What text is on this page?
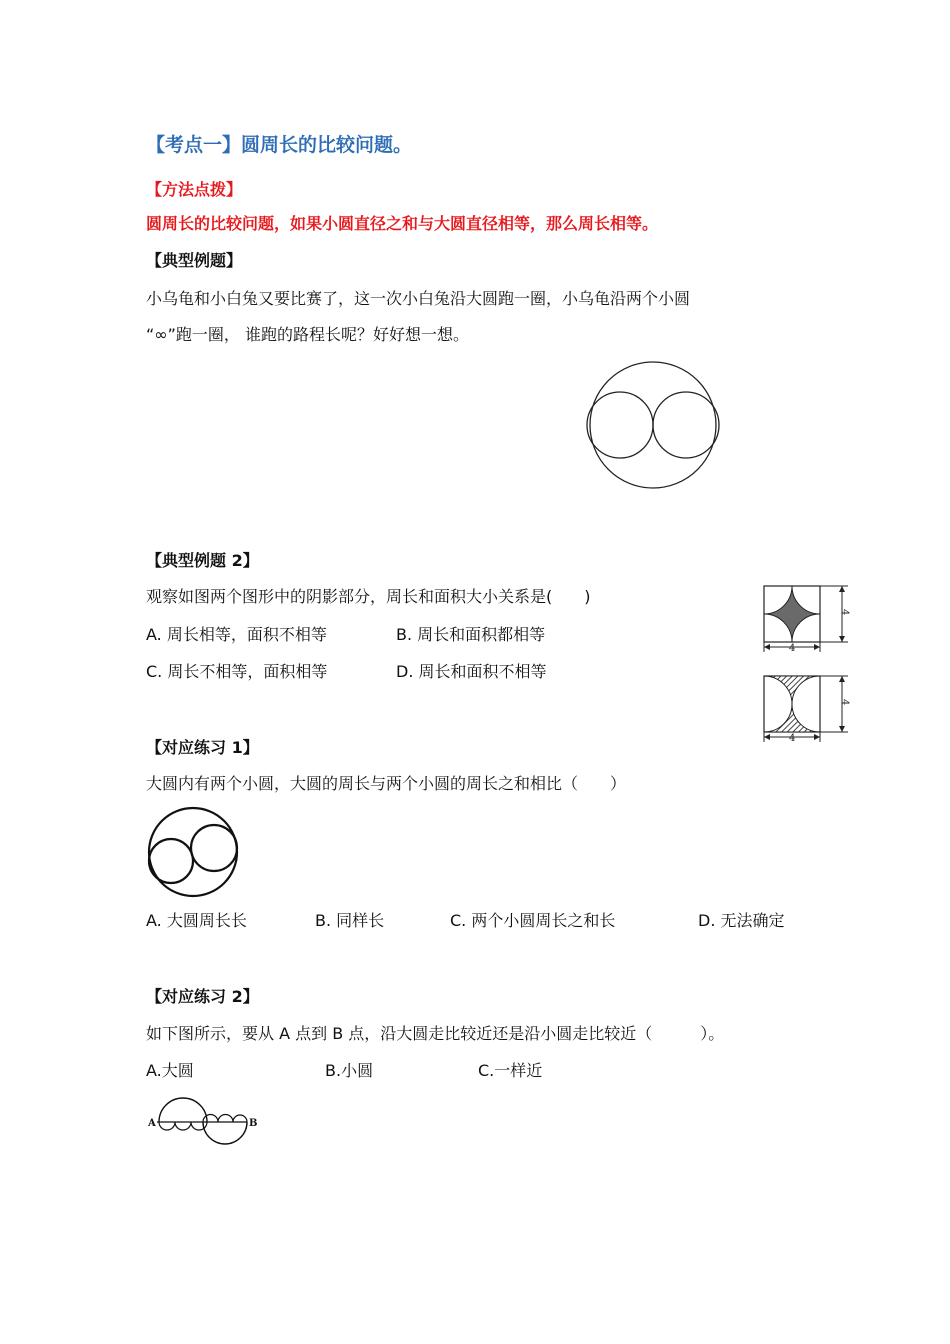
【考点一】圆周长的比较问题。
【方法点拨】
圆周长的比较问题，如果小圆直径之和与大圆直径相等，那么周长相等。
【典型例题】
小乌龟和小白兔又要比赛了，这一次小白兔沿大圆跑一圈，小乌龟沿两个小圆
“∞”跑一圈， 谁跑的路程长呢？好好想一想。
【典型例题 2】
观察如图两个图形中的阴影部分，周长和面积大小关系是(　　)
A. 周长相等，面积不相等	B. 周长和面积都相等
C. 周长不相等，面积相等	D. 周长和面积不相等
4
4
4
4
【对应练习 1】
大圆内有两个小圆，大圆的周长与两个小圆的周长之和相比（　　）
A. 大圆周长长	B. 同样长	C. 两个小圆周长之和长	D. 无法确定
【对应练习 2】
如下图所示，要从 A 点到 B 点，沿大圆走比较近还是沿小圆走比较近（　　　）。
A.大圆	B.小圆	C.一样近
A	B
